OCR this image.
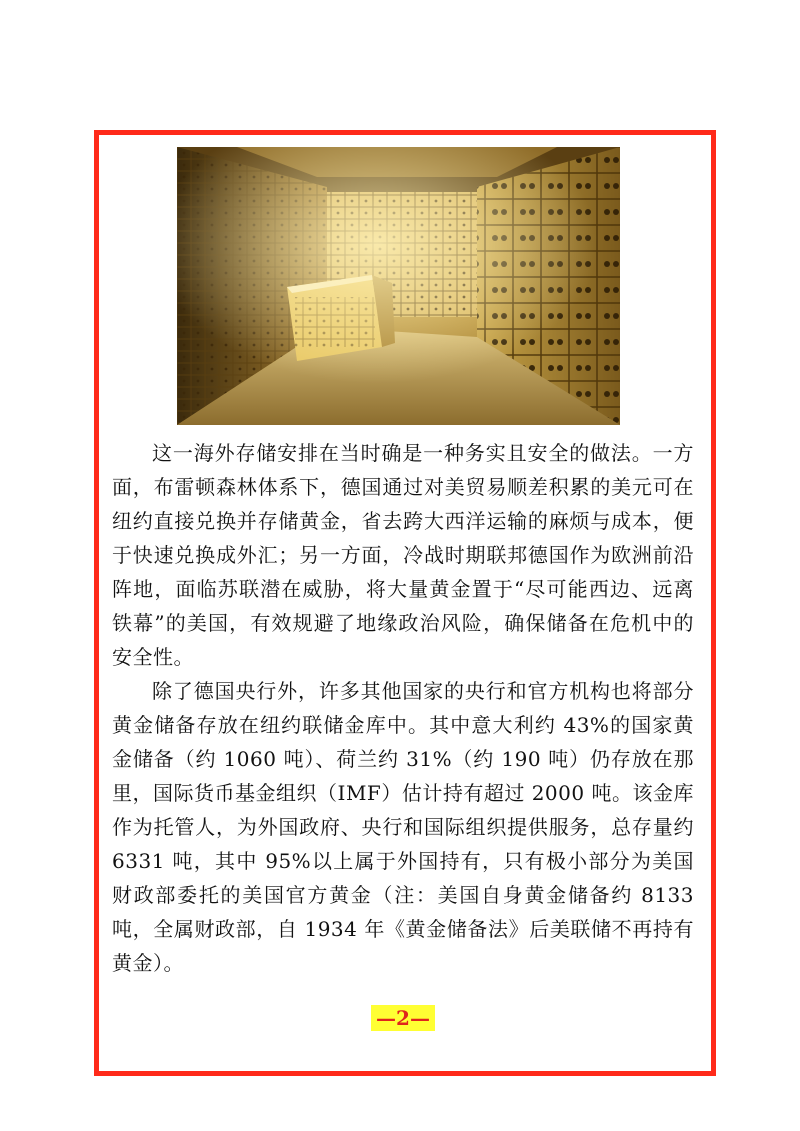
这一海外存储安排在当时确是一种务实且安全的做法。一方面，布雷顿森林体系下，德国通过对美贸易顺差积累的美元可在纽约直接兑换并存储黄金，省去跨大西洋运输的麻烦与成本，便于快速兑换成外汇；另一方面，冷战时期联邦德国作为欧洲前沿阵地，面临苏联潜在威胁，将大量黄金置于“尽可能西边、远离铁幕”的美国，有效规避了地缘政治风险，确保储备在危机中的安全性。

除了德国央行外，许多其他国家的央行和官方机构也将部分黄金储备存放在纽约联储金库中。其中意大利约 43%的国家黄金储备（约 1060 吨）、荷兰约 31%（约 190 吨）仍存放在那里，国际货币基金组织（IMF）估计持有超过 2000 吨。该金库作为托管人，为外国政府、央行和国际组织提供服务，总存量约 6331 吨，其中 95%以上属于外国持有，只有极小部分为美国财政部委托的美国官方黄金（注：美国自身黄金储备约 8133 吨，全属财政部，自 1934 年《黄金储备法》后美联储不再持有黄金）。

—2—
